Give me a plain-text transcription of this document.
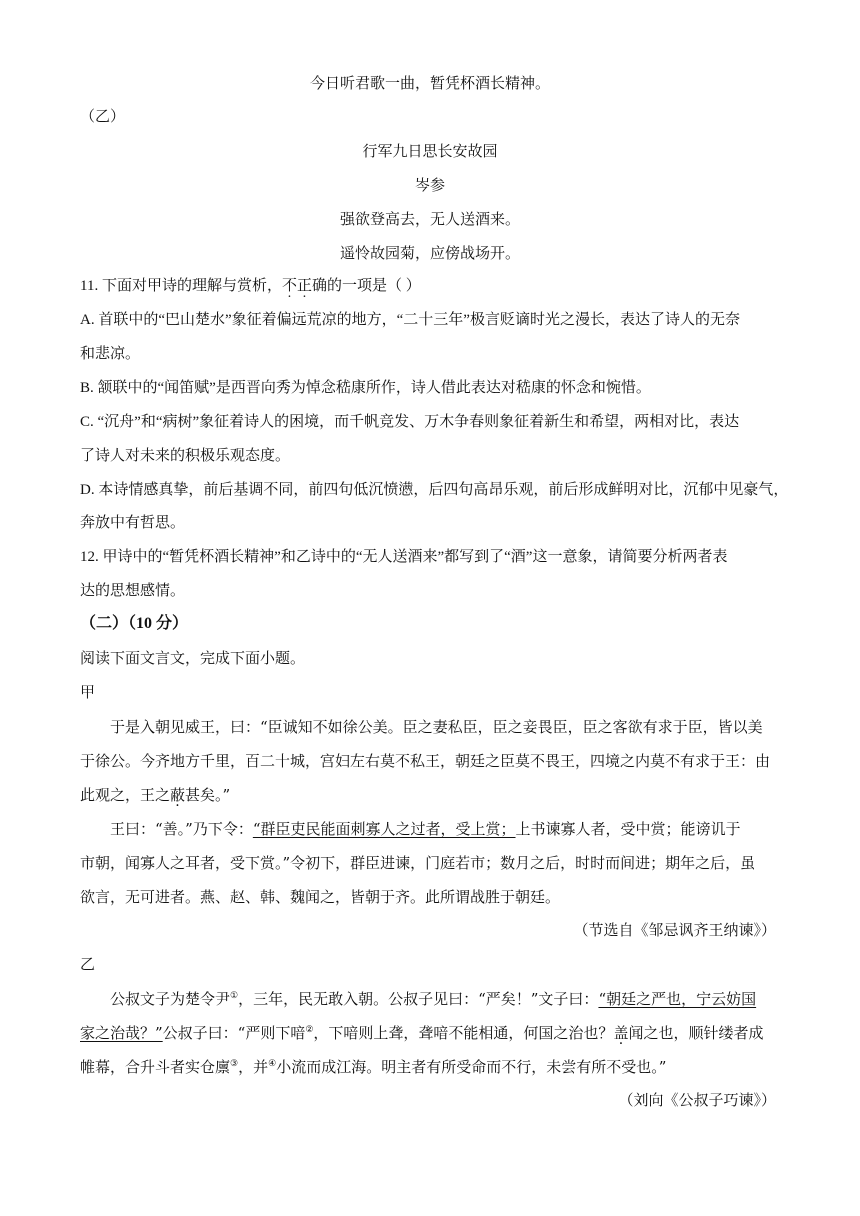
今日听君歌一曲，暂凭杯酒长精神。
（乙）
行军九日思长安故园
岑参
强欲登高去，无人送酒来。
遥怜故园菊，应傍战场开。
11. 下面对甲诗的理解与赏析，不正确的一项是（ ）
A. 首联中的“巴山楚水”象征着偏远荒凉的地方，“二十三年”极言贬谪时光之漫长，表达了诗人的无奈
和悲凉。
B. 颔联中的“闻笛赋”是西晋向秀为悼念嵇康所作，诗人借此表达对嵇康的怀念和惋惜。
C. “沉舟”和“病树”象征着诗人的困境，而千帆竞发、万木争春则象征着新生和希望，两相对比，表达
了诗人对未来的积极乐观态度。
D. 本诗情感真挚，前后基调不同，前四句低沉愤懑，后四句高昂乐观，前后形成鲜明对比，沉郁中见豪气，
奔放中有哲思。
12. 甲诗中的“暂凭杯酒长精神”和乙诗中的“无人送酒来”都写到了“酒”这一意象，请简要分析两者表
达的思想感情。
（二）（10 分）
阅读下面文言文，完成下面小题。
甲
于是入朝见威王，曰：“臣诚知不如徐公美。臣之妻私臣，臣之妾畏臣，臣之客欲有求于臣，皆以美
于徐公。今齐地方千里，百二十城，宫妇左右莫不私王，朝廷之臣莫不畏王，四境之内莫不有求于王：由
此观之，王之蔽甚矣。”
王曰：“善。”乃下令：“群臣吏民能面刺寡人之过者，受上赏；上书谏寡人者，受中赏；能谤讥于
市朝，闻寡人之耳者，受下赏。”令初下，群臣进谏，门庭若市；数月之后，时时而间进；期年之后，虽
欲言，无可进者。燕、赵、韩、魏闻之，皆朝于齐。此所谓战胜于朝廷。
（节选自《邹忌讽齐王纳谏》）
乙
公叔文子为楚令尹①，三年，民无敢入朝。公叔子见曰：“严矣！”文子曰：“朝廷之严也，宁云妨国
家之治哉？”公叔子曰：“严则下喑②，下喑则上聋，聋喑不能相通，何国之治也？盖闻之也，顺针缕者成
帷幕，合升斗者实仓廪③，并④小流而成江海。明主者有所受命而不行，未尝有所不受也。”
（刘向《公叔子巧谏》）
